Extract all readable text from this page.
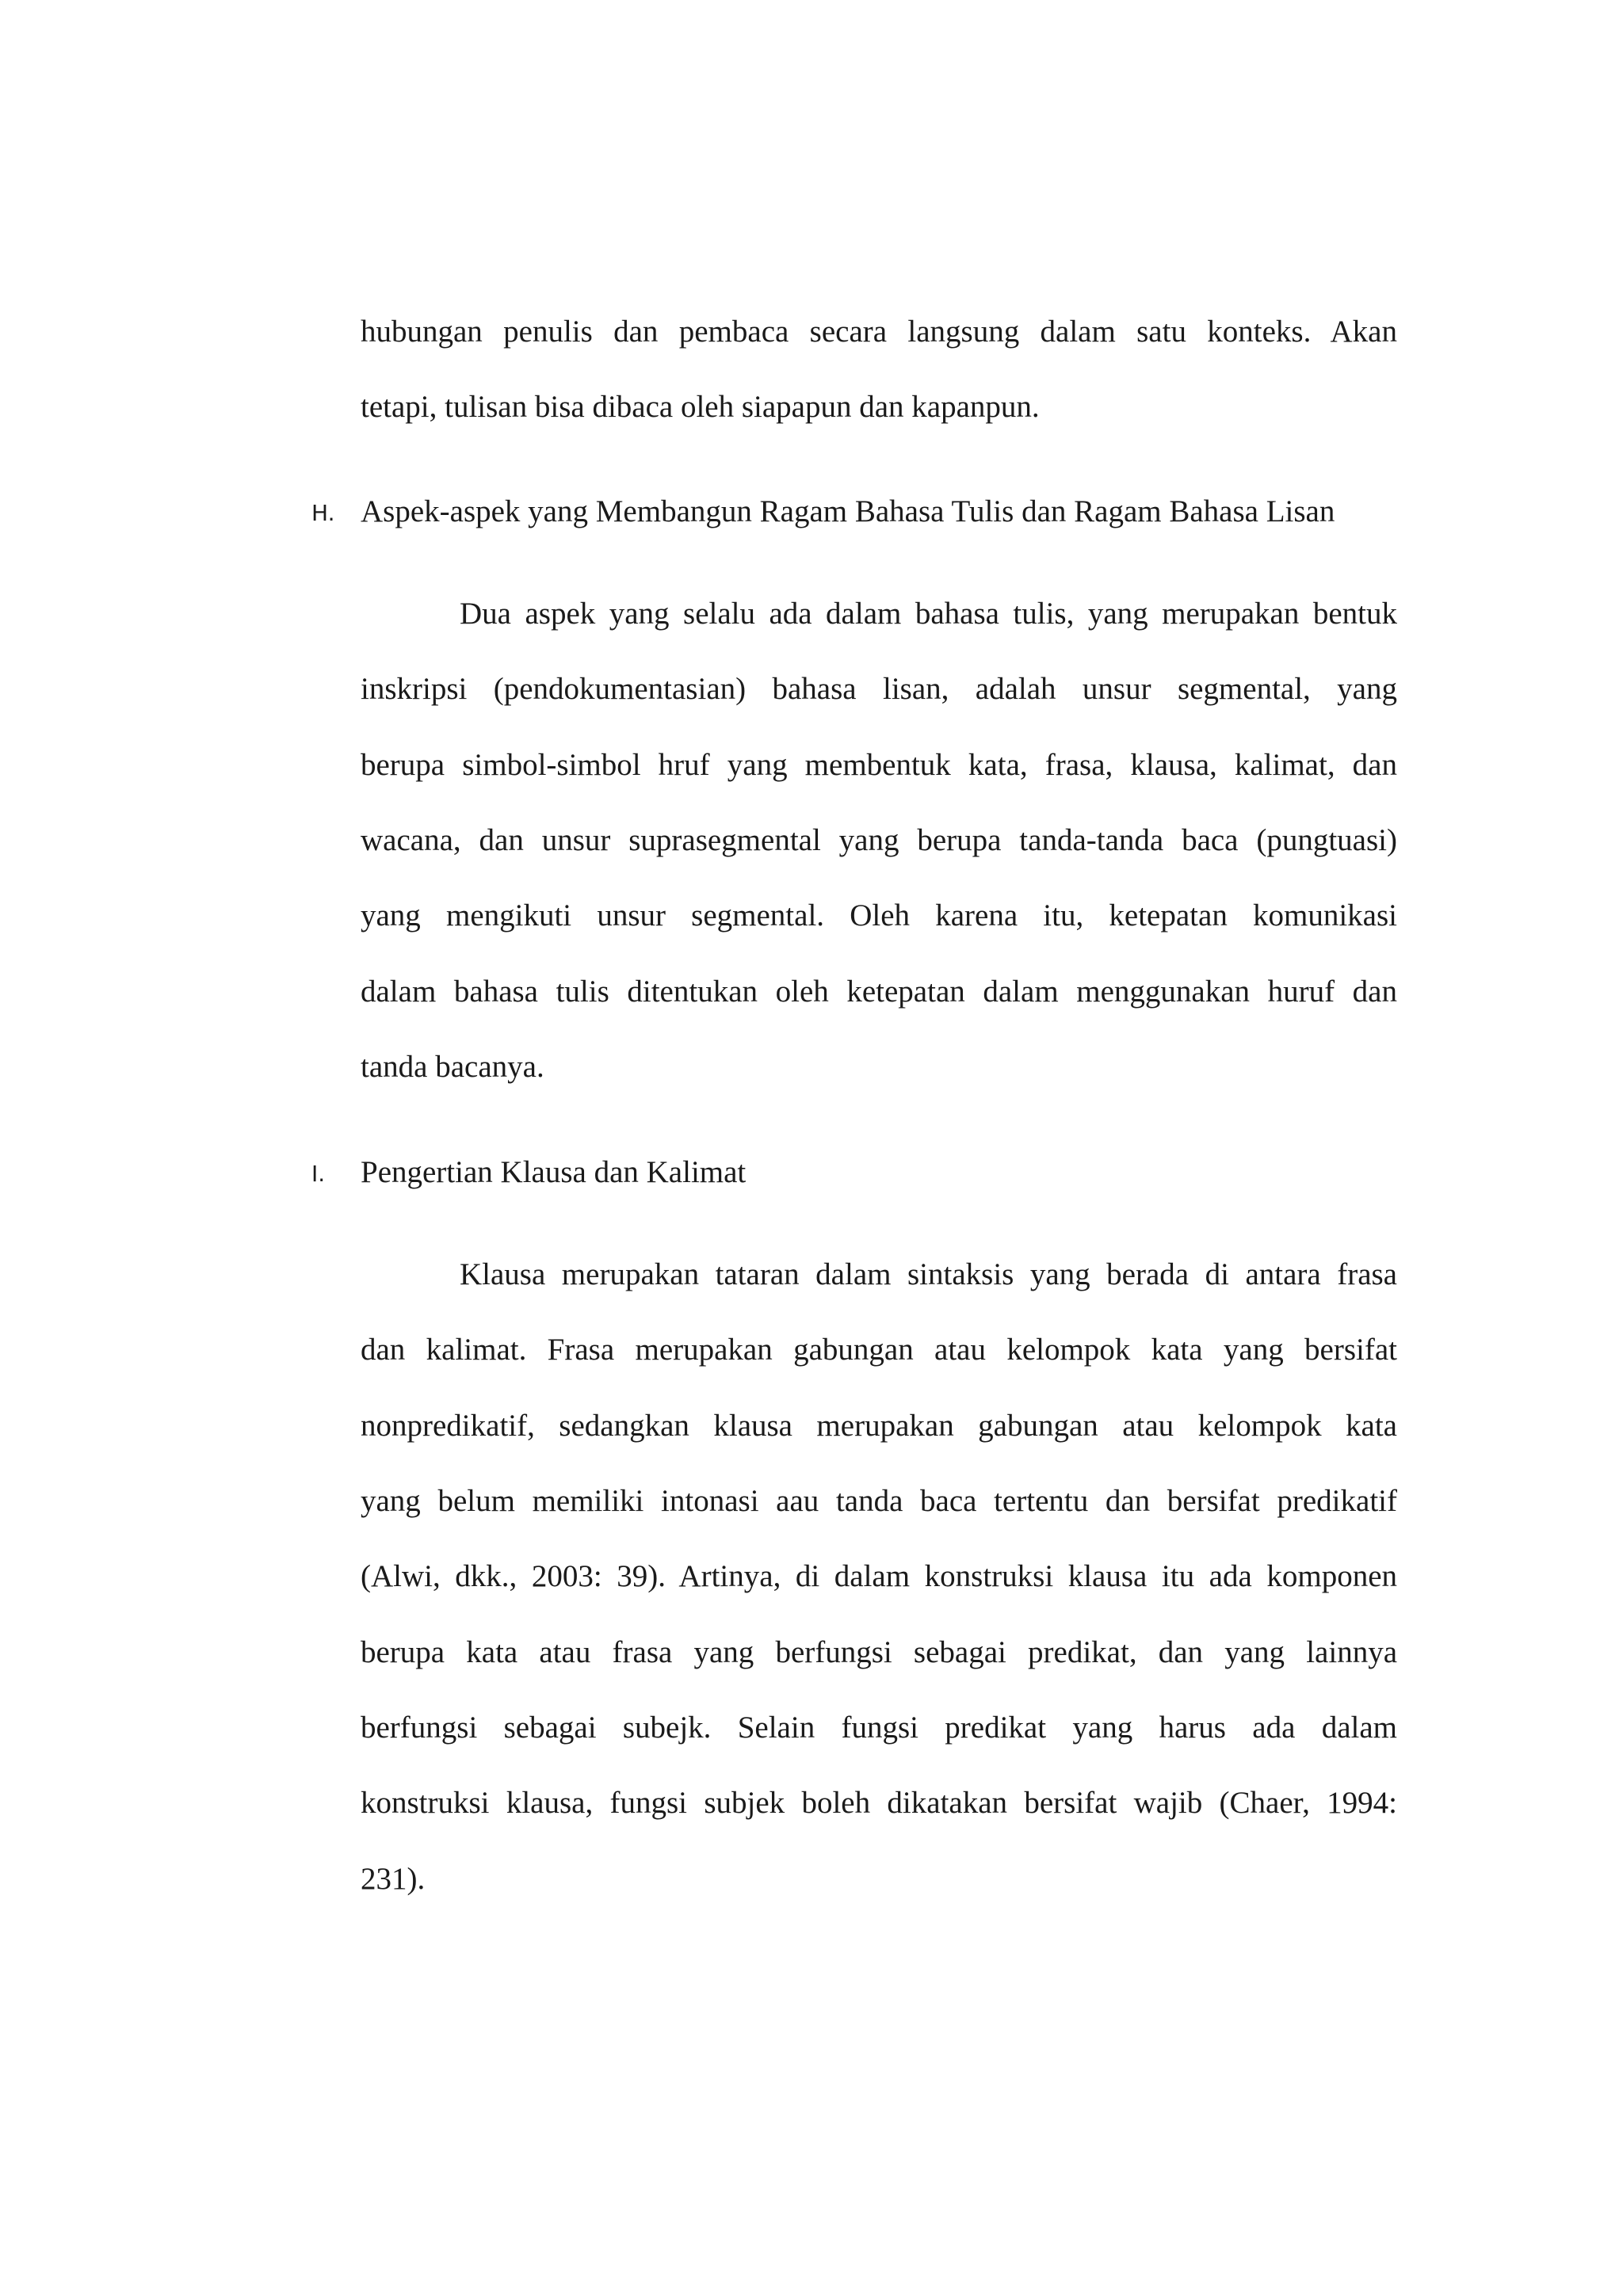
hubungan penulis dan pembaca secara langsung dalam satu konteks. Akan
tetapi, tulisan bisa dibaca oleh siapapun dan kapanpun.
H. Aspek-aspek yang Membangun Ragam Bahasa Tulis dan Ragam Bahasa Lisan
Dua aspek yang selalu ada dalam bahasa tulis, yang merupakan bentuk
inskripsi (pendokumentasian) bahasa lisan, adalah unsur segmental, yang
berupa simbol-simbol hruf yang membentuk kata, frasa, klausa, kalimat, dan
wacana, dan unsur suprasegmental yang berupa tanda-tanda baca (pungtuasi)
yang mengikuti unsur segmental. Oleh karena itu, ketepatan komunikasi
dalam bahasa tulis ditentukan oleh ketepatan dalam menggunakan huruf dan
tanda bacanya.
I. Pengertian Klausa dan Kalimat
Klausa merupakan tataran dalam sintaksis yang berada di antara frasa
dan kalimat. Frasa merupakan gabungan atau kelompok kata yang bersifat
nonpredikatif, sedangkan klausa merupakan gabungan atau kelompok kata
yang belum memiliki intonasi aau tanda baca tertentu dan bersifat predikatif
(Alwi, dkk., 2003: 39). Artinya, di dalam konstruksi klausa itu ada komponen
berupa kata atau frasa yang berfungsi sebagai predikat, dan yang lainnya
berfungsi sebagai subejk. Selain fungsi predikat yang harus ada dalam
konstruksi klausa, fungsi subjek boleh dikatakan bersifat wajib (Chaer, 1994:
231).
